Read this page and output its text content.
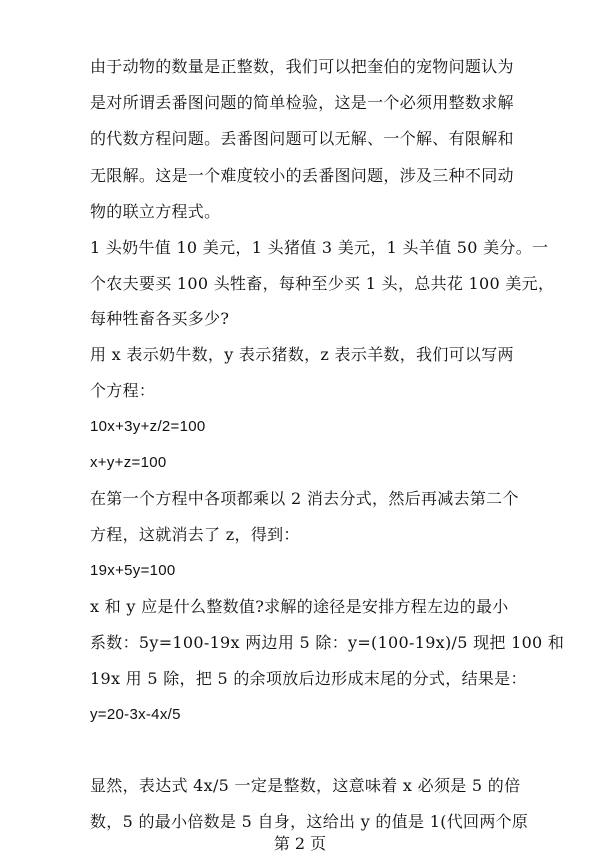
由于动物的数量是正整数，我们可以把奎伯的宠物问题认为
是对所谓丢番图问题的简单检验，这是一个必须用整数求解
的代数方程问题。丢番图问题可以无解、一个解、有限解和
无限解。这是一个难度较小的丢番图问题，涉及三种不同动
物的联立方程式。
1 头奶牛值 10 美元，1 头猪值 3 美元，1 头羊值 50 美分。一
个农夫要买 100 头牲畜，每种至少买 1 头，总共花 100 美元，
每种牲畜各买多少?
用 x 表示奶牛数，y 表示猪数，z 表示羊数，我们可以写两
个方程：
10x+3y+z/2=100
x+y+z=100
在第一个方程中各项都乘以 2 消去分式，然后再减去第二个
方程，这就消去了 z，得到：
19x+5y=100
x 和 y 应是什么整数值?求解的途径是安排方程左边的最小
系数：5y=100-19x 两边用 5 除：y=(100-19x)/5 现把 100 和
19x 用 5 除，把 5 的余项放后边形成末尾的分式，结果是：
y=20-3x-4x/5
显然，表达式 4x/5 一定是整数，这意味着 x 必须是 5 的倍
数，5 的最小倍数是 5 自身，这给出 y 的值是 1(代回两个原
第 2 页
